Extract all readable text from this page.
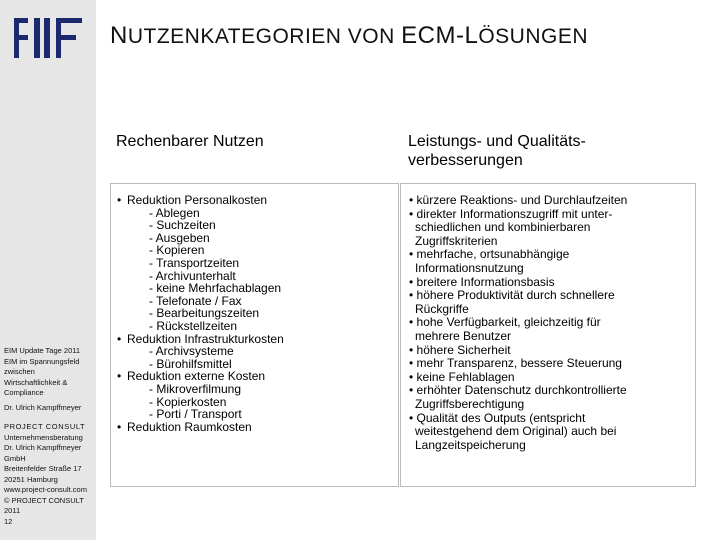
EIM Update Tage 2011
EIM im Spannungsfeld
zwischen
Wirtschaftlichkeit &
Compliance
Dr. Ulrich Kampffmeyer
PROJECT CONSULT
Unternehmensberatung
Dr. Ulrich Kampffmeyer
GmbH
Breitenfelder Straße 17
20251 Hamburg
www.project-consult.com
© PROJECT CONSULT
2011
12
NUTZENKATEGORIEN VON ECM-LÖSUNGEN
Rechenbarer Nutzen	Leistungs- und Qualitäts-
verbesserungen
• Reduktion Personalkosten
- Ablegen
- Suchzeiten
- Ausgeben
- Kopieren
- Transportzeiten
- Archivunterhalt
- keine Mehrfachablagen
- Telefonate / Fax
- Bearbeitungszeiten
- Rückstellzeiten
• Reduktion Infrastrukturkosten
- Archivsysteme
- Bürohilfsmittel
• Reduktion externe Kosten
- Mikroverfilmung
- Kopierkosten
- Porti / Transport
• Reduktion Raumkosten
• kürzere Reaktions- und Durchlaufzeiten
• direkter Informationszugriff mit unter-
schiedlichen und kombinierbaren
Zugriffskriterien
• mehrfache, ortsunabhängige
Informationsnutzung
• breitere Informationsbasis
• höhere Produktivität durch schnellere
Rückgriffe
• hohe Verfügbarkeit, gleichzeitig für
mehrere Benutzer
• höhere Sicherheit
• mehr Transparenz, bessere Steuerung
• keine Fehlablagen
• erhöhter Datenschutz durchkontrollierte
Zugriffsberechtigung
• Qualität des Outputs (entspricht
weitestgehend dem Original) auch bei
Langzeitspeicherung
